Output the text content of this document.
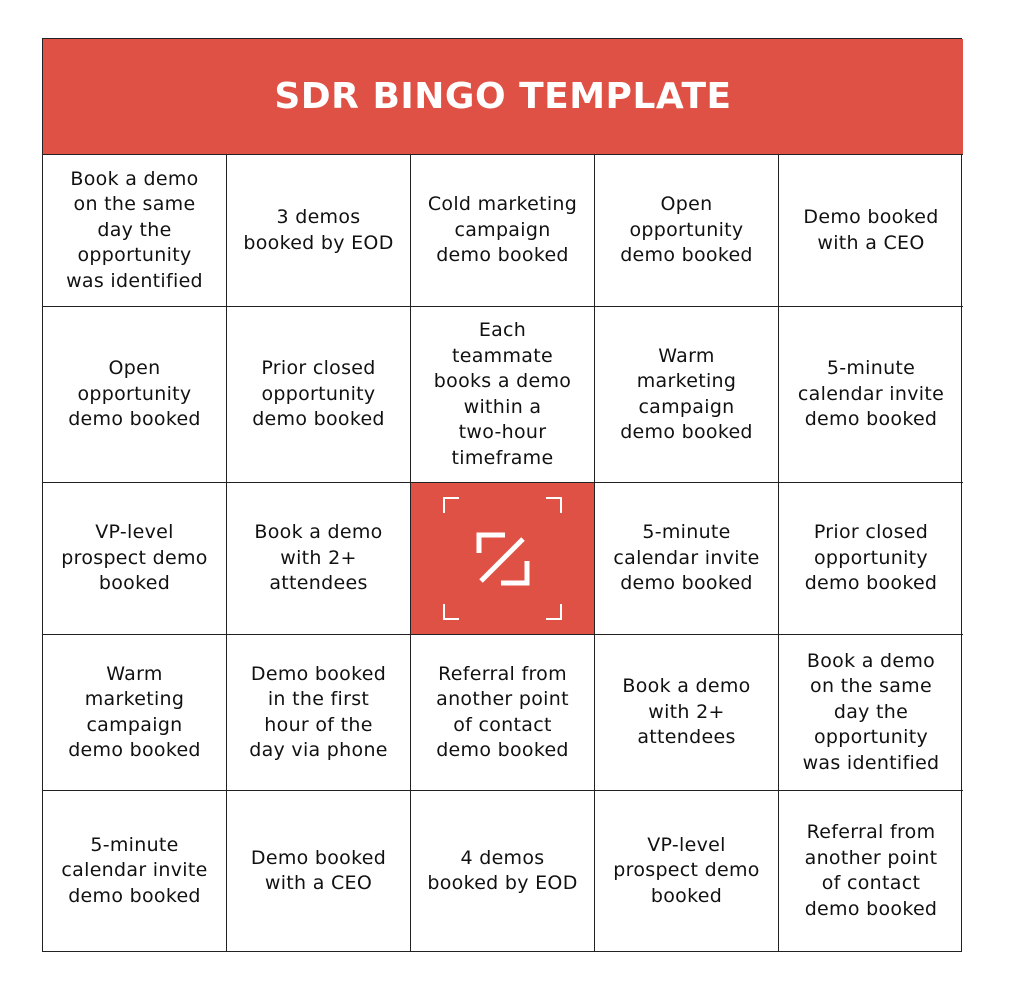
SDR BINGO TEMPLATE
Book a demo
on the same
day the
opportunity
was identified
3 demos
booked by EOD
Cold marketing
campaign
demo booked
Open
opportunity
demo booked
Demo booked
with a CEO
Open
opportunity
demo booked
Prior closed
opportunity
demo booked
Each
teammate
books a demo
within a
two-hour
timeframe
Warm
marketing
campaign
demo booked
5-minute
calendar invite
demo booked
VP-level
prospect demo
booked
Book a demo
with 2+
attendees
5-minute
calendar invite
demo booked
Prior closed
opportunity
demo booked
Warm
marketing
campaign
demo booked
Demo booked
in the first
hour of the
day via phone
Referral from
another point
of contact
demo booked
Book a demo
with 2+
attendees
Book a demo
on the same
day the
opportunity
was identified
5-minute
calendar invite
demo booked
Demo booked
with a CEO
4 demos
booked by EOD
VP-level
prospect demo
booked
Referral from
another point
of contact
demo booked
